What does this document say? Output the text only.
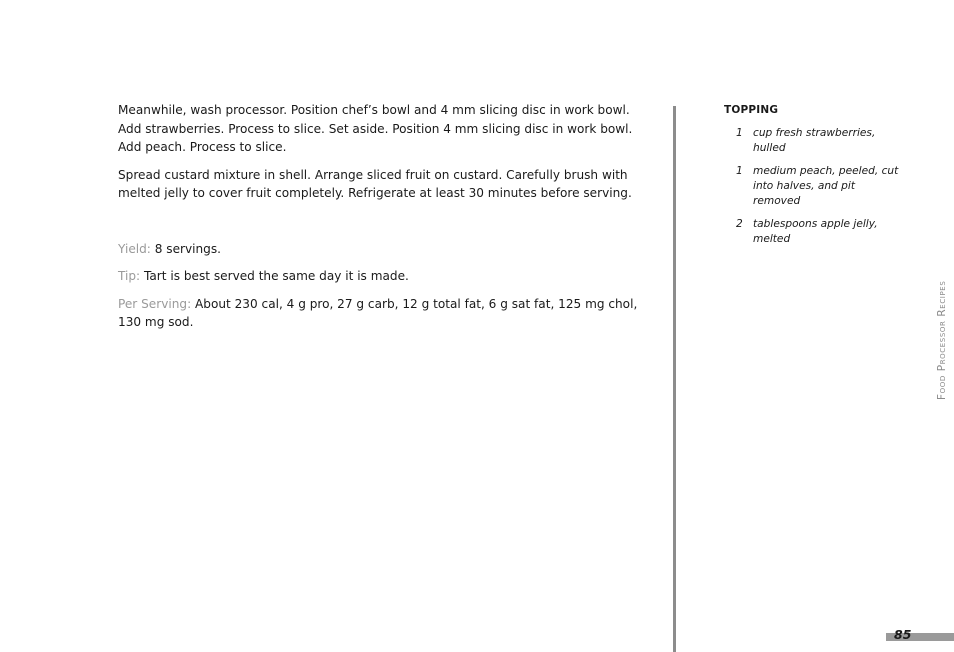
Meanwhile, wash processor. Position chef’s bowl and 4 mm slicing disc in work bowl. Add strawberries. Process to slice. Set aside. Position 4 mm slicing disc in work bowl. Add peach. Process to slice.

Spread custard mixture in shell. Arrange sliced fruit on custard. Carefully brush with melted jelly to cover fruit completely. Refrigerate at least 30 minutes before serving.

Yield: 8 servings.

Tip: Tart is best served the same day it is made.

Per Serving: About 230 cal, 4 g pro, 27 g carb, 12 g total fat, 6 g sat fat, 125 mg chol, 130 mg sod.

TOPPING
1 cup fresh strawberries, hulled
1 medium peach, peeled, cut into halves, and pit removed
2 tablespoons apple jelly, melted
Food Processor Recipes
85
